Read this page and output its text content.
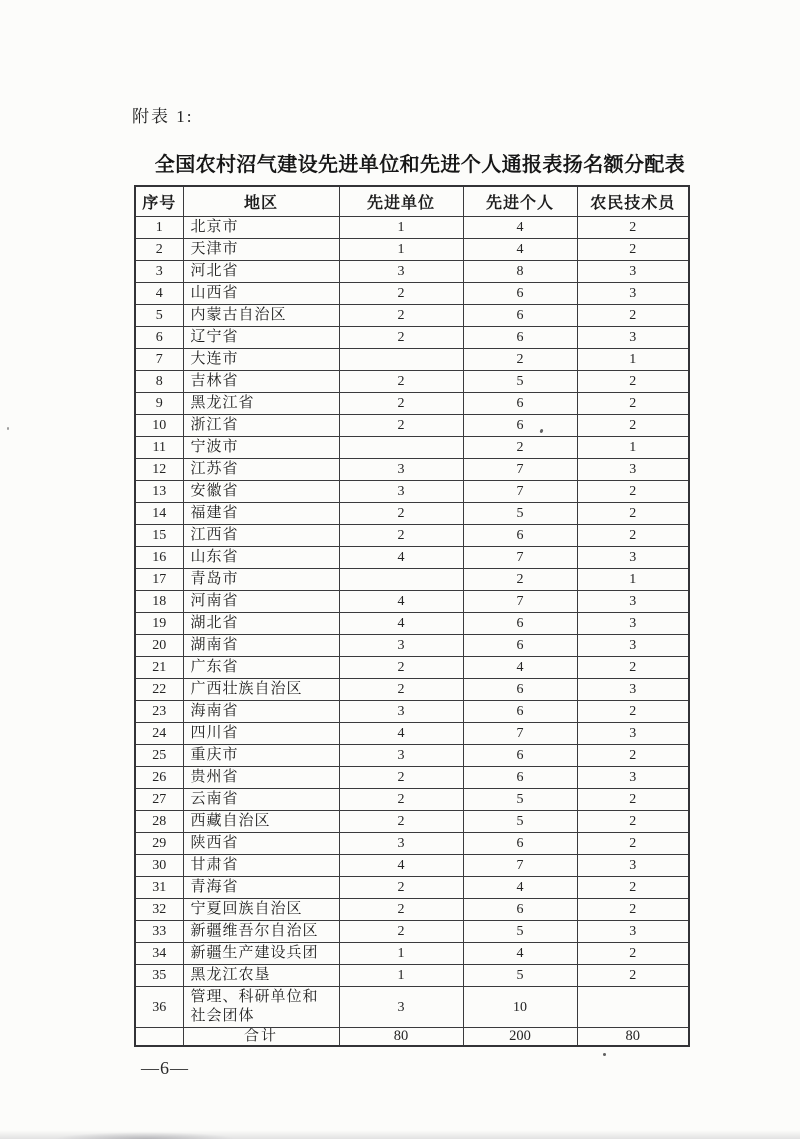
附表 1:
全国农村沼气建设先进单位和先进个人通报表扬名额分配表
序号	地区	先进单位	先进个人	农民技术员
1	北京市	1	4	2
2	天津市	1	4	2
3	河北省	3	8	3
4	山西省	2	6	3
5	内蒙古自治区	2	6	2
6	辽宁省	2	6	3
7	大连市		2	1
8	吉林省	2	5	2
9	黑龙江省	2	6	2
10	浙江省	2	6	2
11	宁波市		2	1
12	江苏省	3	7	3
13	安徽省	3	7	2
14	福建省	2	5	2
15	江西省	2	6	2
16	山东省	4	7	3
17	青岛市		2	1
18	河南省	4	7	3
19	湖北省	4	6	3
20	湖南省	3	6	3
21	广东省	2	4	2
22	广西壮族自治区	2	6	3
23	海南省	3	6	2
24	四川省	4	7	3
25	重庆市	3	6	2
26	贵州省	2	6	3
27	云南省	2	5	2
28	西藏自治区	2	5	2
29	陕西省	3	6	2
30	甘肃省	4	7	3
31	青海省	2	4	2
32	宁夏回族自治区	2	6	2
33	新疆维吾尔自治区	2	5	3
34	新疆生产建设兵团	1	4	2
35	黑龙江农垦	1	5	2
36	管理、科研单位和社会团体	3	10	
	合计	80	200	80
—6—
